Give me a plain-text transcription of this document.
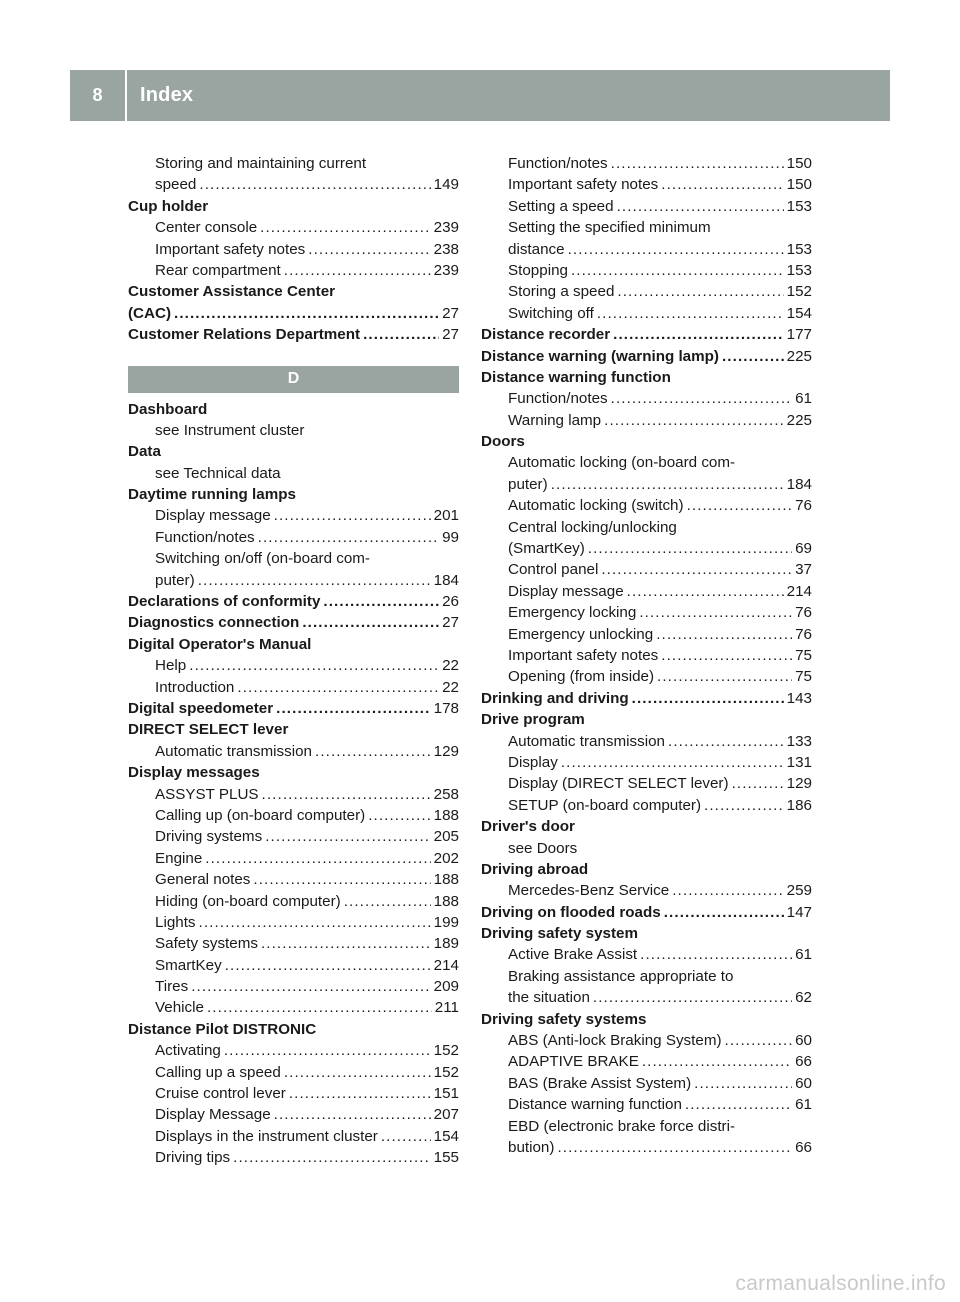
8	Index
Storing and maintaining current
speed .....	149
Cup holder
Center console .....	239
Important safety notes .....	238
Rear compartment .....	239
Customer Assistance Center
(CAC) .....	27
Customer Relations Department .....	27
D
Dashboard
see Instrument cluster
Data
see Technical data
Daytime running lamps
Display message .....	201
Function/notes .....	99
Switching on/off (on-board com-
puter) .....	184
Declarations of conformity .....	26
Diagnostics connection .....	27
Digital Operator's Manual
Help .....	22
Introduction .....	22
Digital speedometer .....	178
DIRECT SELECT lever
Automatic transmission .....	129
Display messages
ASSYST PLUS .....	258
Calling up (on-board computer) .....	188
Driving systems .....	205
Engine .....	202
General notes .....	188
Hiding (on-board computer) .....	188
Lights .....	199
Safety systems .....	189
SmartKey .....	214
Tires .....	209
Vehicle .....	211
Distance Pilot DISTRONIC
Activating .....	152
Calling up a speed .....	152
Cruise control lever .....	151
Display Message .....	207
Displays in the instrument cluster .....	154
Driving tips .....	155
Function/notes .....	150
Important safety notes .....	150
Setting a speed .....	153
Setting the specified minimum
distance .....	153
Stopping .....	153
Storing a speed .....	152
Switching off .....	154
Distance recorder .....	177
Distance warning (warning lamp) .....	225
Distance warning function
Function/notes .....	61
Warning lamp .....	225
Doors
Automatic locking (on-board com-
puter) .....	184
Automatic locking (switch) .....	76
Central locking/unlocking
(SmartKey) .....	69
Control panel .....	37
Display message .....	214
Emergency locking .....	76
Emergency unlocking .....	76
Important safety notes .....	75
Opening (from inside) .....	75
Drinking and driving .....	143
Drive program
Automatic transmission .....	133
Display .....	131
Display (DIRECT SELECT lever) .....	129
SETUP (on-board computer) .....	186
Driver's door
see Doors
Driving abroad
Mercedes-Benz Service .....	259
Driving on flooded roads .....	147
Driving safety system
Active Brake Assist .....	61
Braking assistance appropriate to
the situation .....	62
Driving safety systems
ABS (Anti-lock Braking System) .....	60
ADAPTIVE BRAKE .....	66
BAS (Brake Assist System) .....	60
Distance warning function .....	61
EBD (electronic brake force distri-
bution) .....	66
carmanualsonline.info
